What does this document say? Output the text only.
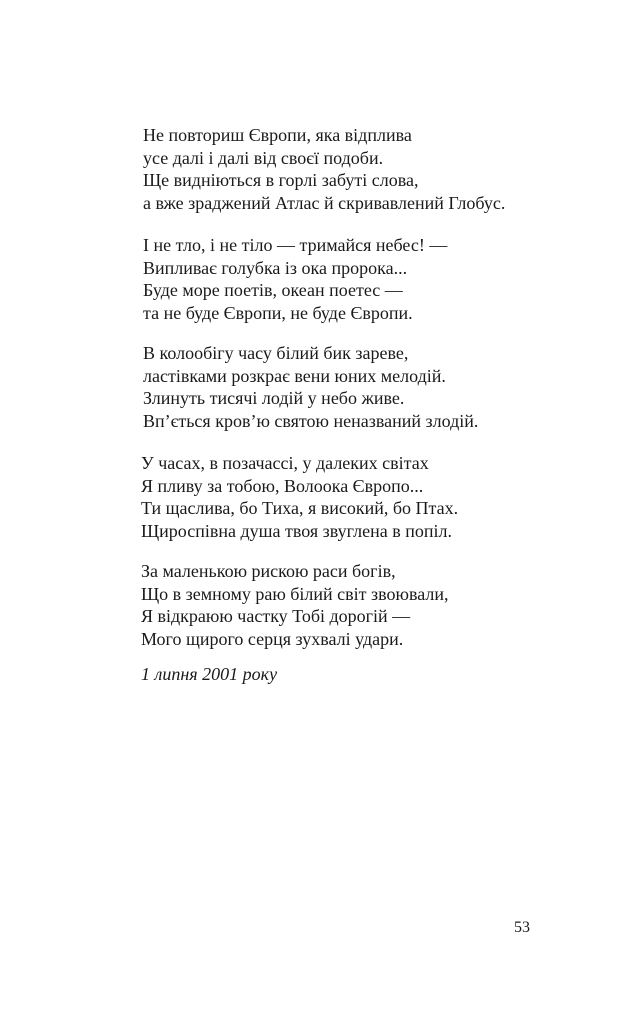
Не повториш Європи, яка відплива
усе далі і далі від своєї подоби.
Ще видніються в горлі забуті слова,
а вже зраджений Атлас й скривавлений Глобус.
І не тло, і не тіло — тримайся небес! —
Випливає голубка із ока пророка...
Буде море поетів, океан поетес —
та не буде Європи, не буде Європи.
В колообігу часу білий бик зареве,
ластівками розкрає вени юних мелодій.
Злинуть тисячі лодій у небо живе.
Вп’ється кров’ю святою неназваний злодій.
У часах, в позачассі, у далеких світах
Я пливу за тобою, Волоока Європо...
Ти щаслива, бо Тиха, я високий, бо Птах.
Щироспівна душа твоя звуглена в попіл.
За маленькою рискою раси богів,
Що в земному раю білий світ звоювали,
Я відкраюю частку Тобі дорогій —
Мого щирого серця зухвалі удари.
1 липня 2001 року
53
